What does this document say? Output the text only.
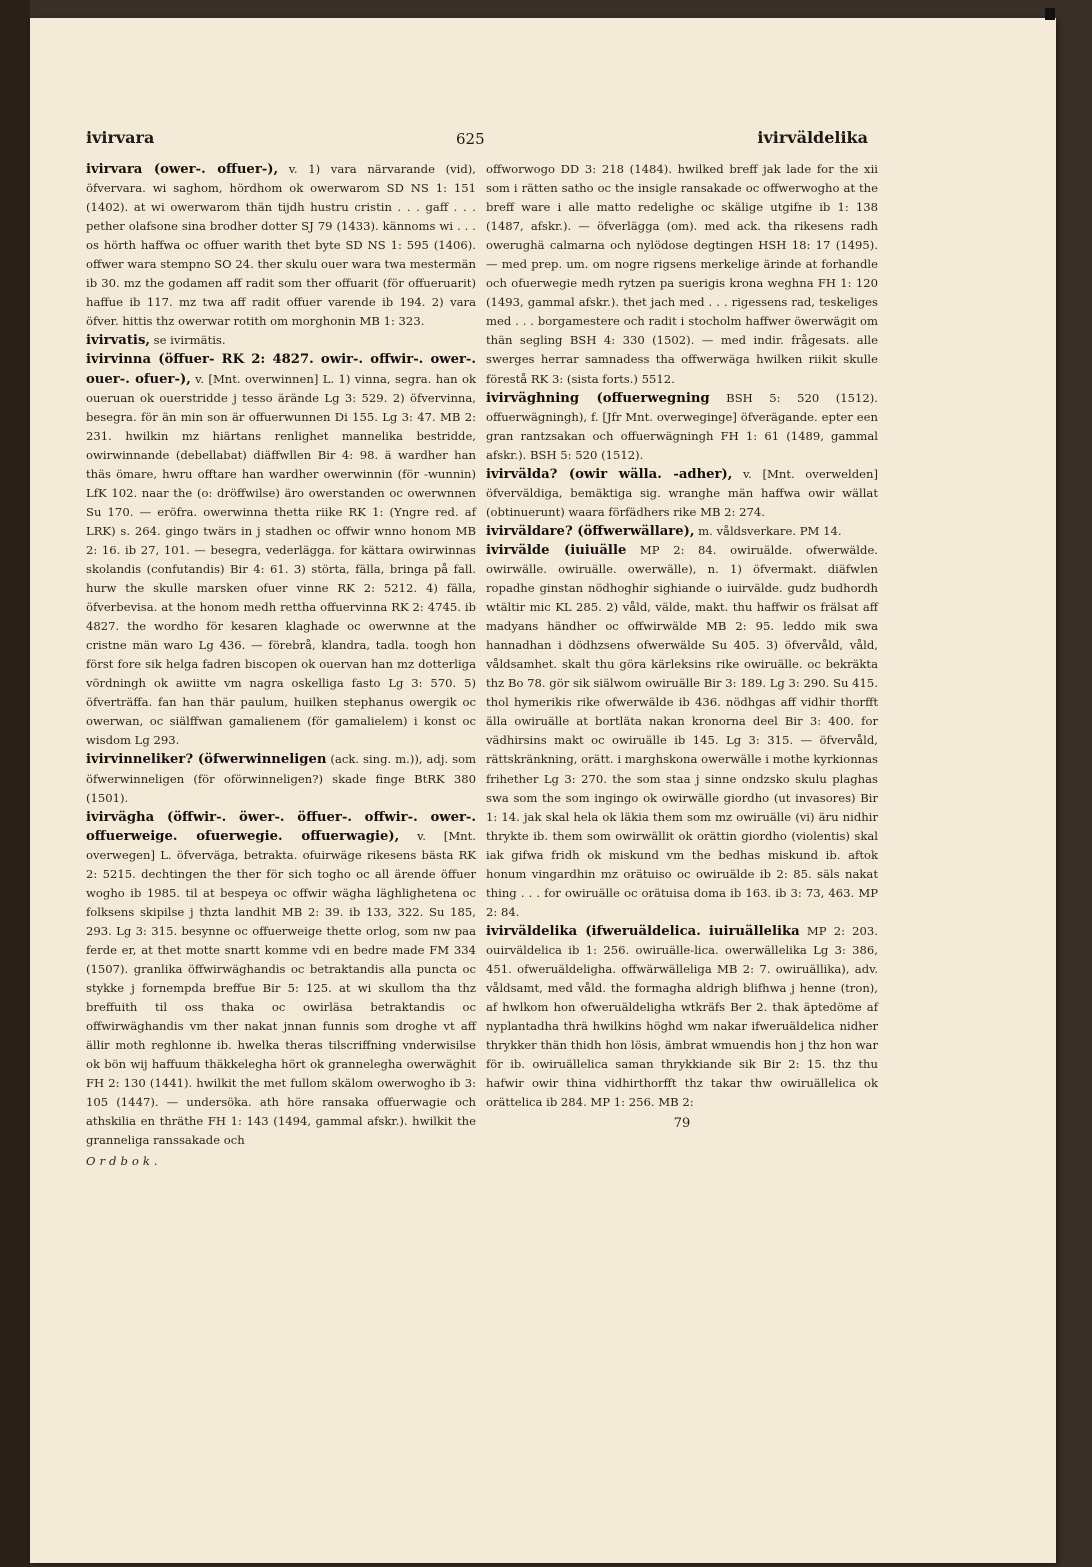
ivirvara	625	ivirväldelika

ivirvara (ower-. offuer-), v. 1) vara närvarande (vid), öfvervara. wi saghom, hördhom ok owerwarom SD NS 1: 151 (1402). at wi owerwarom thän tijdh hustru cristin . . . gaff . . . pether olafsone sina brodher dotter SJ 79 (1433). kännoms wi . . . os hörth haffwa oc offuer warith thet byte SD NS 1: 595 (1406). offwer wara stempno SO 24. ther skulu ouer wara twa mestermän ib 30. mz the godamen aff radit som ther offuarit (för offueruarit) haffue ib 117. mz twa aff radit offuer varende ib 194. 2) vara öfver. hittis thz owerwar rotith om morghonin MB 1: 323.

ivirvatis, se ivirmätis.

ivirvinna (öffuer- RK 2: 4827. owir-. offwir-. ower-. ouer-. ofuer-), v. [Mnt. overwinnen] L. 1) vinna, segra. han ok oueruan ok ouerstridde j tesso ärände Lg 3: 529. 2) öfvervinna, besegra. för än min son är offuerwunnen Di 155. Lg 3: 47. MB 2: 231. hwilkin mz hiärtans renlighet mannelika bestridde, owirwinnande (debellabat) diäffwllen Bir 4: 98. ä wardher han thäs ömare, hwru offtare han wardher owerwinnin (för -wunnin) LfK 102. naar the (o: dröffwilse) äro owerstanden oc owerwnnen Su 170. — eröfra. owerwinna thetta riike RK 1: (Yngre red. af LRK) s. 264. gingo twärs in j stadhen oc offwir wnno honom MB 2: 16. ib 27, 101. — besegra, vederlägga. for kättara owirwinnas skolandis (confutandis) Bir 4: 61. 3) störta, fälla, bringa på fall. hurw the skulle marsken ofuer vinne RK 2: 5212. 4) fälla, öfverbevisa. at the honom medh rettha offuervinna RK 2: 4745. ib 4827. the wordho för kesaren klaghade oc owerwnne at the cristne män waro Lg 436. — förebrå, klandra, tadla. toogh hon först fore sik helga fadren biscopen ok ouervan han mz dotterliga vördningh ok awiitte vm nagra oskelliga fasto Lg 3: 570. 5) öfverträffa. fan han thär paulum, huilken stephanus owergik oc owerwan, oc siälffwan gamalienem (för gamalielem) i konst oc wisdom Lg 293.

ivirvinneliker? (öfwerwinneligen (ack. sing. m.)), adj. som öfwerwinneligen (för oförwinneligen?) skade finge BtRK 380 (1501).

ivirvägha (öffwir-. öwer-. öffuer-. offwir-. ower-. offuerweige. ofuerwegie. offuerwagie), v. [Mnt. overwegen] L. öfverväga, betrakta. ofuirwäge rikesens bästa RK 2: 5215. dechtingen the ther för sich togho oc all ärende öffuer wogho ib 1985. til at bespeya oc offwir wägha läghlighetena oc folksens skipilse j thzta landhit MB 2: 39. ib 133, 322. Su 185, 293. Lg 3: 315. besynne oc offuerweige thette orlog, som nw paa ferde er, at thet motte snartt komme vdi en bedre made FM 334 (1507). granlika öffwirwäghandis oc betraktandis alla puncta oc stykke j fornempda breffue Bir 5: 125. at wi skullom tha thz breffuith til oss thaka oc owirläsa betraktandis oc offwirwäghandis vm ther nakat jnnan funnis som droghe vt aff ällir moth reghlonne ib. hwelka theras tilscriffning vnderwisilse ok bön wij haffuum thäkkelegha hört ok grannelegha owerwäghit FH 2: 130 (1441). hwilkit the met fullom skälom owerwogho ib 3: 105 (1447). — undersöka. ath höre ransaka offuerwagie och athskilia en thräthe FH 1: 143 (1494, gammal afskr.). hwilkit the granneliga ranssakade och

Ordbok.

offworwogo DD 3: 218 (1484). hwilked breff jak lade for the xii som i rätten satho oc the insigle ransakade oc offwerwogho at the breff ware i alle matto redelighe oc skälige utgifne ib 1: 138 (1487, afskr.). — öfverlägga (om). med ack. tha rikesens radh owerughä calmarna och nylödose degtingen HSH 18: 17 (1495). — med prep. um. om nogre rigsens merkelige ärinde at forhandle och ofuerwegie medh rytzen pa suerigis krona weghna FH 1: 120 (1493, gammal afskr.). thet jach med . . . rigessens rad, teskeliges med . . . borgamestere och radit i stocholm haffwer öwerwägit om thän segling BSH 4: 330 (1502). — med indir. frågesats. alle swerges herrar samnadess tha offwerwäga hwilken riikit skulle förestå RK 3: (sista forts.) 5512.

ivirväghning (offuerwegning BSH 5: 520 (1512). offuerwägningh), f. [Jfr Mnt. overweginge] öfverägande. epter een gran rantzsakan och offuerwägningh FH 1: 61 (1489, gammal afskr.). BSH 5: 520 (1512).

ivirvälda? (owir wälla. -adher), v. [Mnt. overwelden] öfverväldiga, bemäktiga sig. wranghe män haffwa owir wällat (obtinuerunt) waara förfädhers rike MB 2: 274.

ivirväldare? (öffwerwällare), m. våldsverkare. PM 14.

ivirvälde (iuiuälle MP 2: 84. owiruälde. ofwerwälde. owirwälle. owiruälle. owerwälle), n. 1) öfvermakt. diäfwlen ropadhe ginstan nödhoghir sighiande o iuirvälde. gudz budhordh wtältir mic KL 285. 2) våld, välde, makt. thu haffwir os frälsat aff madyans händher oc offwirwälde MB 2: 95. leddo mik swa hannadhan i dödhzsens ofwerwälde Su 405. 3) öfvervåld, våld, våldsamhet. skalt thu göra kärleksins rike owiruälle. oc bekräkta thz Bo 78. gör sik siälwom owiruälle Bir 3: 189. Lg 3: 290. Su 415. thol hymerikis rike ofwerwälde ib 436. nödhgas aff vidhir thorfft älla owiruälle at bortläta nakan kronorna deel Bir 3: 400. for vädhirsins makt oc owiruälle ib 145. Lg 3: 315. — öfvervåld, rättskränkning, orätt. i marghskona owerwälle i mothe kyrkionnas frihether Lg 3: 270. the som staa j sinne ondzsko skulu plaghas swa som the som ingingo ok owirwälle giordho (ut invasores) Bir 1: 14. jak skal hela ok läkia them som mz owiruälle (vi) äru nidhir thrykte ib. them som owirwällit ok orättin giordho (violentis) skal iak gifwa fridh ok miskund vm the bedhas miskund ib. aftok honum vingardhin mz orätuiso oc owiruälde ib 2: 85. säls nakat thing . . . for owiruälle oc orätuisa doma ib 163. ib 3: 73, 463. MP 2: 84.

ivirväldelika (ifweruäldelica. iuiruällelika MP 2: 203. ouirväldelica ib 1: 256. owiruälle-lica. owerwällelika Lg 3: 386, 451. ofweruäldeligha. offwärwälleliga MB 2: 7. owiruällika), adv. våldsamt, med våld. the formagha aldrigh blifhwa j henne (tron), af hwlkom hon ofweruäldeligha wtkräfs Ber 2. thak äptedöme af nyplantadha thrä hwilkins höghd wm nakar ifweruäldelica nidher thrykker thän thidh hon lösis, ämbrat wmuendis hon j thz hon war för ib. owiruällelica saman thrykkiande sik Bir 2: 15. thz thu hafwir owir thina vidhirthorfft thz takar thw owiruällelica ok orättelica ib 284. MP 1: 256. MB 2:

79
